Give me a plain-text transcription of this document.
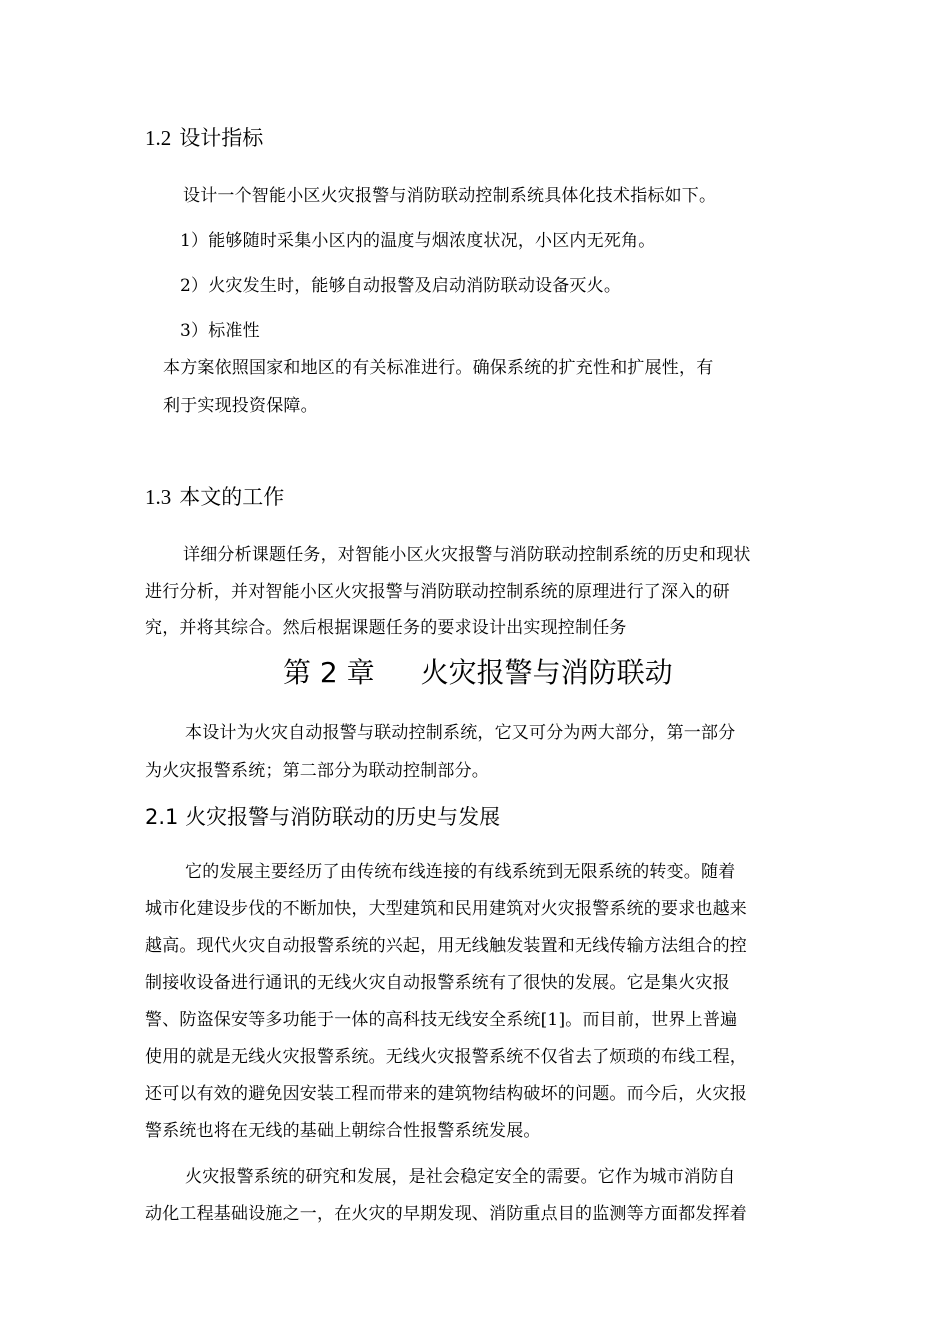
1.2 设计指标
设计一个智能小区火灾报警与消防联动控制系统具体化技术指标如下。
1）能够随时采集小区内的温度与烟浓度状况，小区内无死角。
2）火灾发生时，能够自动报警及启动消防联动设备灭火。
3）标准性
本方案依照国家和地区的有关标准进行。确保系统的扩充性和扩展性，有
利于实现投资保障。
1.3 本文的工作
详细分析课题任务，对智能小区火灾报警与消防联动控制系统的历史和现状
进行分析，并对智能小区火灾报警与消防联动控制系统的原理进行了深入的研
究，并将其综合。然后根据课题任务的要求设计出实现控制任务
第 2 章 火灾报警与消防联动
本设计为火灾自动报警与联动控制系统，它又可分为两大部分，第一部分
为火灾报警系统；第二部分为联动控制部分。
2.1 火灾报警与消防联动的历史与发展
它的发展主要经历了由传统布线连接的有线系统到无限系统的转变。随着
城市化建设步伐的不断加快，大型建筑和民用建筑对火灾报警系统的要求也越来
越高。现代火灾自动报警系统的兴起，用无线触发装置和无线传输方法组合的控
制接收设备进行通讯的无线火灾自动报警系统有了很快的发展。它是集火灾报
警、防盗保安等多功能于一体的高科技无线安全系统[1]。而目前，世界上普遍
使用的就是无线火灾报警系统。无线火灾报警系统不仅省去了烦琐的布线工程，
还可以有效的避免因安装工程而带来的建筑物结构破坏的问题。而今后，火灾报
警系统也将在无线的基础上朝综合性报警系统发展。
火灾报警系统的研究和发展，是社会稳定安全的需要。它作为城市消防自
动化工程基础设施之一，在火灾的早期发现、消防重点目的监测等方面都发挥着
